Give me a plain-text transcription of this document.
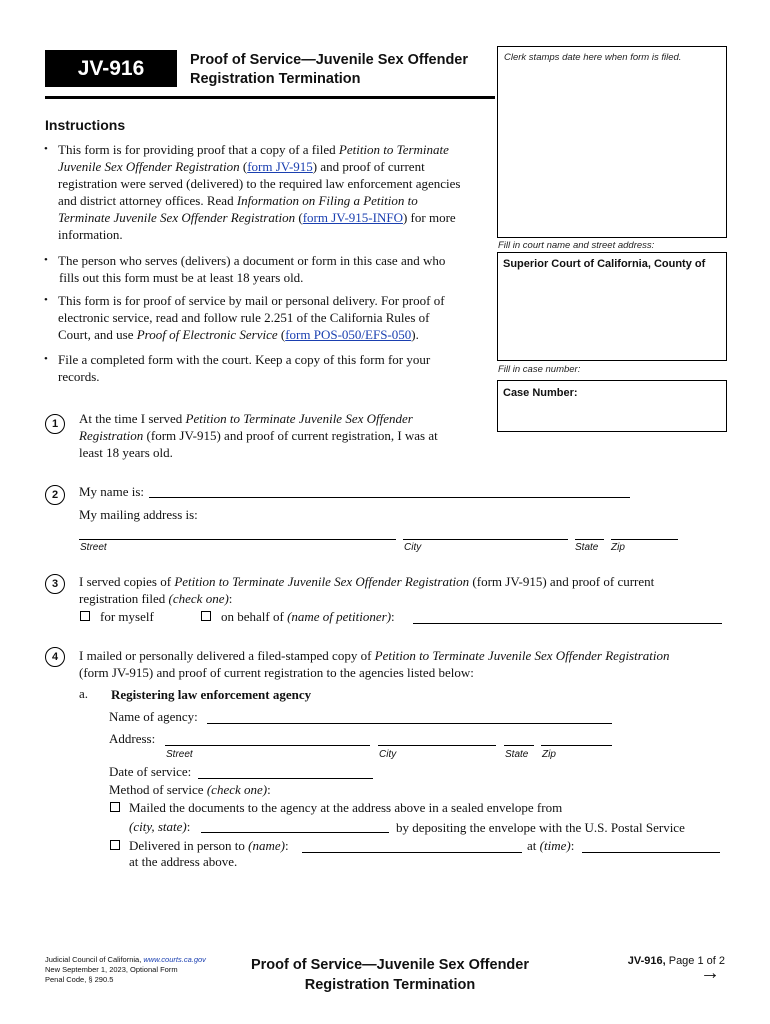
JV-916	Proof of Service—Juvenile Sex Offender
Registration Termination
Clerk stamps date here when form is filed.
Fill in court name and street address:
Superior Court of California, County of
Fill in case number:
Case Number:
Instructions
• This form is for providing proof that a copy of a filed Petition to Terminate
Juvenile Sex Offender Registration (form JV-915) and proof of current
registration were served (delivered) to the required law enforcement agencies
and district attorney offices. Read Information on Filing a Petition to
Terminate Juvenile Sex Offender Registration (form JV-915-INFO) for more
information.
• The person who serves (delivers) a document or form in this case and who
fills out this form must be at least 18 years old.
• This form is for proof of service by mail or personal delivery. For proof of
electronic service, read and follow rule 2.251 of the California Rules of
Court, and use Proof of Electronic Service (form POS-050/EFS-050).
• File a completed form with the court. Keep a copy of this form for your
records.
1 At the time I served Petition to Terminate Juvenile Sex Offender
Registration (form JV-915) and proof of current registration, I was at
least 18 years old.
2 My name is:
My mailing address is:
Street	City	State Zip
3 I served copies of Petition to Terminate Juvenile Sex Offender Registration (form JV-915) and proof of current
registration filed (check one):
for myself	on behalf of (name of petitioner):
4 I mailed or personally delivered a filed-stamped copy of Petition to Terminate Juvenile Sex Offender Registration
(form JV-915) and proof of current registration to the agencies listed below:
a. Registering law enforcement agency
Name of agency:
Address:
Street	City	State Zip
Date of service:
Method of service (check one):
Mailed the documents to the agency at the address above in a sealed envelope from
(city, state):	by depositing the envelope with the U.S. Postal Service
Delivered in person to (name):	at (time):
at the address above.
Judicial Council of California, www.courts.ca.gov
New September 1, 2023, Optional Form
Penal Code, § 290.5
Proof of Service—Juvenile Sex Offender
Registration Termination
JV-916, Page 1 of 2
→
